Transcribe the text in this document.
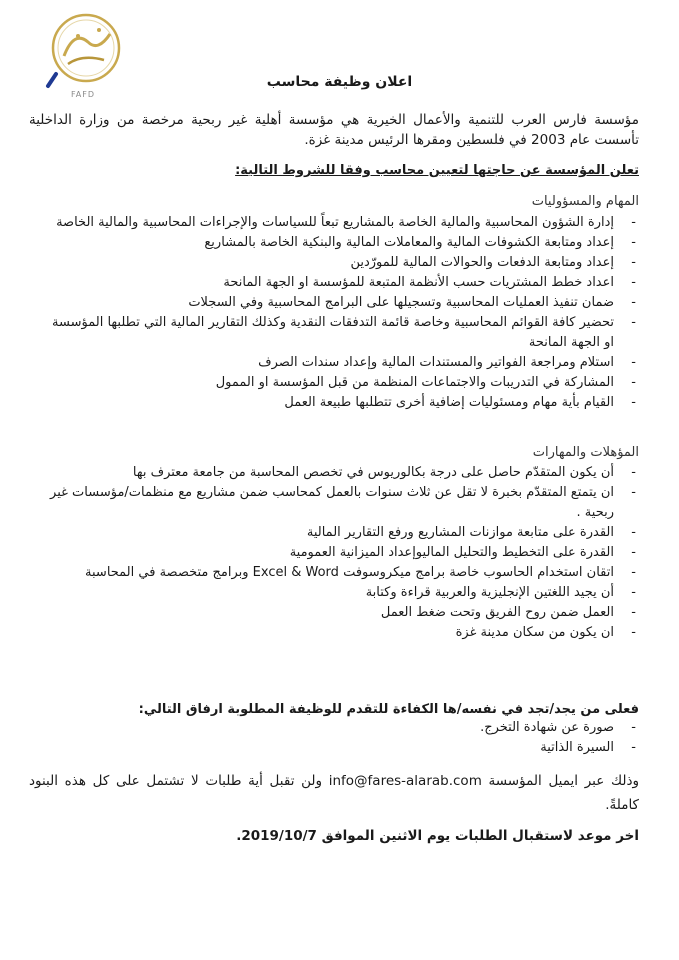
FAFD
اعلان وظيفة محاسب
مؤسسة فارس العرب للتنمية والأعمال الخيرية هي مؤسسة أهلية غير ربحية مرخصة من وزارة الداخلية تأسست عام 2003 في فلسطين ومقرها الرئيس مدينة غزة.
تعلن المؤسسة عن حاجتها لتعيين محاسب وفقا للشروط التالية:
المهام والمسؤوليات
-
إدارة الشؤون المحاسبية والمالية الخاصة بالمشاريع تبعاً للسياسات والإجراءات المحاسبية والمالية الخاصة
-
إعداد ومتابعة الكشوفات المالية والمعاملات المالية والبنكية الخاصة بالمشاريع
-
إعداد ومتابعة الدفعات والحوالات المالية للمورّدين
-
اعداد خطط المشتريات حسب الأنظمة المتبعة للمؤسسة او الجهة المانحة
-
ضمان تنفيذ العمليات المحاسبية وتسجيلها على البرامج المحاسبية وفي السجلات
-
تحضير كافة القوائم المحاسبية وخاصة قائمة التدفقات النقدية وكذلك التقارير المالية التي تطلبها المؤسسة او الجهة المانحة
-
استلام ومراجعة الفواتير والمستندات المالية وإعداد سندات الصرف
-
المشاركة في التدريبات والاجتماعات المنظمة من قبل المؤسسة او الممول
-
القيام بأية مهام ومسئوليات إضافية أخرى تتطلبها طبيعة العمل
المؤهلات والمهارات
-
أن يكون المتقدّم حاصل على درجة بكالوريوس في تخصص المحاسبة من جامعة معترف بها
-
ان يتمتع المتقدّم بخبرة لا تقل عن ثلاث سنوات بالعمل كمحاسب ضمن مشاريع مع منظمات/مؤسسات غير ربحية .
-
القدرة على متابعة موازنات المشاريع ورفع التقارير المالية
-
القدرة على التخطيط والتحليل الماليوإعداد الميزانية العمومية
-
اتقان استخدام الحاسوب خاصة برامج ميكروسوفت Excel & Word وبرامج متخصصة في المحاسبة
-
أن يجيد اللغتين الإنجليزية والعربية قراءة وكتابة
-
العمل ضمن روح الفريق وتحت ضغط العمل
-
ان يكون من سكان مدينة غزة
فعلى من يجد/تجد في نفسه/ها الكفاءة للتقدم للوظيفة المطلوبة ارفاق التالي:
-
صورة عن شهادة التخرج.
-
السيرة الذاتية
وذلك عبر ايميل المؤسسة info@fares-alarab.com ولن تقبل أية طلبات لا تشتمل على كل هذه البنود كاملةً.
اخر موعد لاستقبال الطلبات يوم الاثنين الموافق 2019/10/7.
